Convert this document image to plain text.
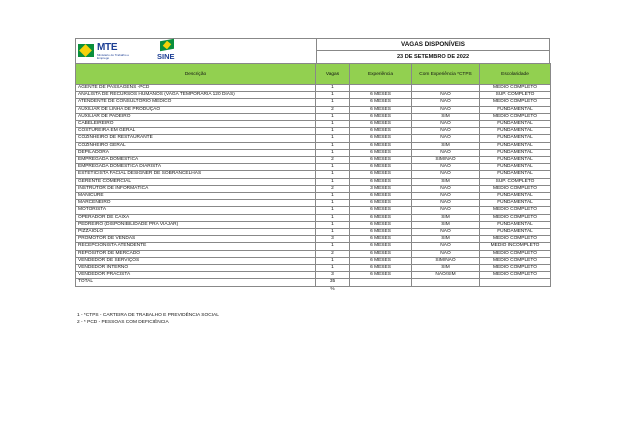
MTE
Ministério do Trabalho e Emprego	SINE
VAGAS DISPONÍVEIS
23 DE SETEMBRO DE 2022
Descrição	Vagas	Experiência	Com Experiência *CTPS	Escolaridade
AGENTE DE PASSAGENS -PCD	1			MÉDIO COMPLETO
ANALISTA DE RECURSOS HUMANOS (VAGA TEMPORÁRIA 120 DIAS)	1	6 MESES	NÃO	SUP. COMPLETO
ATENDENTE DE CONSULTÓRIO MÉDICO	1	6 MESES	NÃO	MÉDIO COMPLETO
AUXILIAR DE LINHA DE PRODUÇÃO	2	6 MESES	NÃO	FUNDAMENTAL
AUXILIAR DE PADEIRO	1	6 MESES	SIM	MÉDIO COMPLETO
CABELEIREIRO	1	6 MESES	NÃO	FUNDAMENTAL
COSTUREIRA EM GERAL	1	6 MESES	NÃO	FUNDAMENTAL
COZINHEIRO DE RESTAURANTE	1	6 MESES	NÃO	FUNDAMENTAL
COZINHEIRO GERAL	1	6 MESES	SIM	FUNDAMENTAL
DEPILADORA	1	6 MESES	NÃO	FUNDAMENTAL
EMPREGADA DOMÉSTICA	2	6 MESES	SIM/NÃO	FUNDAMENTAL
EMPREGADA DOMÉSTICA DIARISTA	1	6 MESES	NÃO	FUNDAMENTAL
ESTETICISTA FACIAL DESIGNER DE SOBRANCELHAS	1	6 MESES	NÃO	FUNDAMENTAL
GERENTE COMERCIAL	1	6 MESES	SIM	SUP. COMPLETO
INSTRUTOR DE INFORMÁTICA	2	3 MESES	NÃO	MÉDIO COMPLETO
MANICURE	1	6 MESES	NÃO	FUNDAMENTAL
MARCENEIRO	1	6 MESES	NÃO	FUNDAMENTAL
MOTORISTA	1	6 MESES	NÃO	MÉDIO COMPLETO
OPERADOR DE CAIXA	1	6 MESES	SIM	MÉDIO COMPLETO
PEDREIRO (DISPONIBILIDADE PRA VIAJAR)	1	6 MESES	SIM	FUNDAMENTAL
PIZZAIOLO	1	6 MESES	NÃO	FUNDAMENTAL
PROMOTOR DE VENDAS	3	6 MESES	SIM	MÉDIO COMPLETO
RECEPCIONISTA ATENDENTE	1	6 MESES	NÃO	MÉDIO INCOMPLETO
REPOSITOR DE MERCADO	2	6 MESES	NÃO	MÉDIO COMPLETO
VENDEDOR DE SERVIÇOS	1	6 MESES	SIM/NÃO	MÉDIO COMPLETO
VENDEDOR INTERNO	1	6 MESES	SIM	MÉDIO COMPLETO
VENDEDOR PRACISTA	3	6 MESES	NÃO/SIM	MÉDIO COMPLETO
TOTAL	35			
	%			
1 - *CTPS - CARTEIRA DE TRABALHO E PREVIDÊNCIA SOCIAL
2 - * PCD - PESSOAS COM DEFICIÊNCIA
